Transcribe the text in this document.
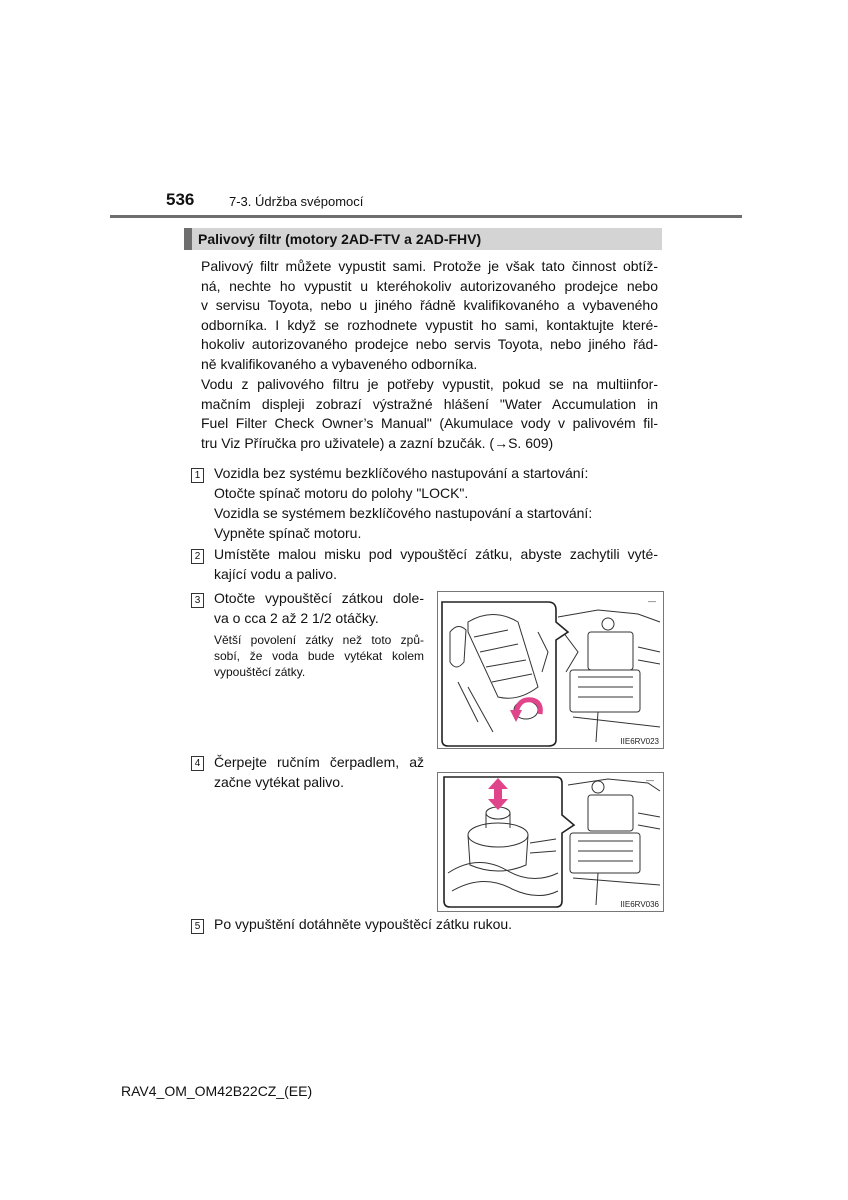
536	7-3. Údržba svépomocí
Palivový filtr (motory 2AD-FTV a 2AD-FHV)
Palivový filtr můžete vypustit sami. Protože je však tato činnost obtíž-
ná, nechte ho vypustit u kteréhokoliv autorizovaného prodejce nebo
v servisu Toyota, nebo u jiného řádně kvalifikovaného a vybaveného
odborníka. I když se rozhodnete vypustit ho sami, kontaktujte které-
hokoliv autorizovaného prodejce nebo servis Toyota, nebo jiného řád-
ně kvalifikovaného a vybaveného odborníka.
Vodu z palivového filtru je potřeby vypustit, pokud se na multiinfor-
mačním displeji zobrazí výstražné hlášení "Water Accumulation in
Fuel Filter Check Owner’s Manual" (Akumulace vody v palivovém fil-
tru Viz Příručka pro uživatele) a zazní bzučák. (→S. 609)
1 Vozidla bez systému bezklíčového nastupování a startování:
Otočte spínač motoru do polohy "LOCK".
Vozidla se systémem bezklíčového nastupování a startování:
Vypněte spínač motoru.
2 Umístěte malou misku pod vypouštěcí zátku, abyste zachytili vyté-
kající vodu a palivo.
3 Otočte vypouštěcí zátkou dole-
va o cca 2 až 2 1/2 otáčky.
Větší povolení zátky než toto způ-
sobí, že voda bude vytékat kolem
vypouštěcí zátky.
—
IIE6RV023
4 Čerpejte ručním čerpadlem, až
začne vytékat palivo.	—
IIE6RV036
5 Po vypuštění dotáhněte vypouštěcí zátku rukou.
RAV4_OM_OM42B22CZ_(EE)
